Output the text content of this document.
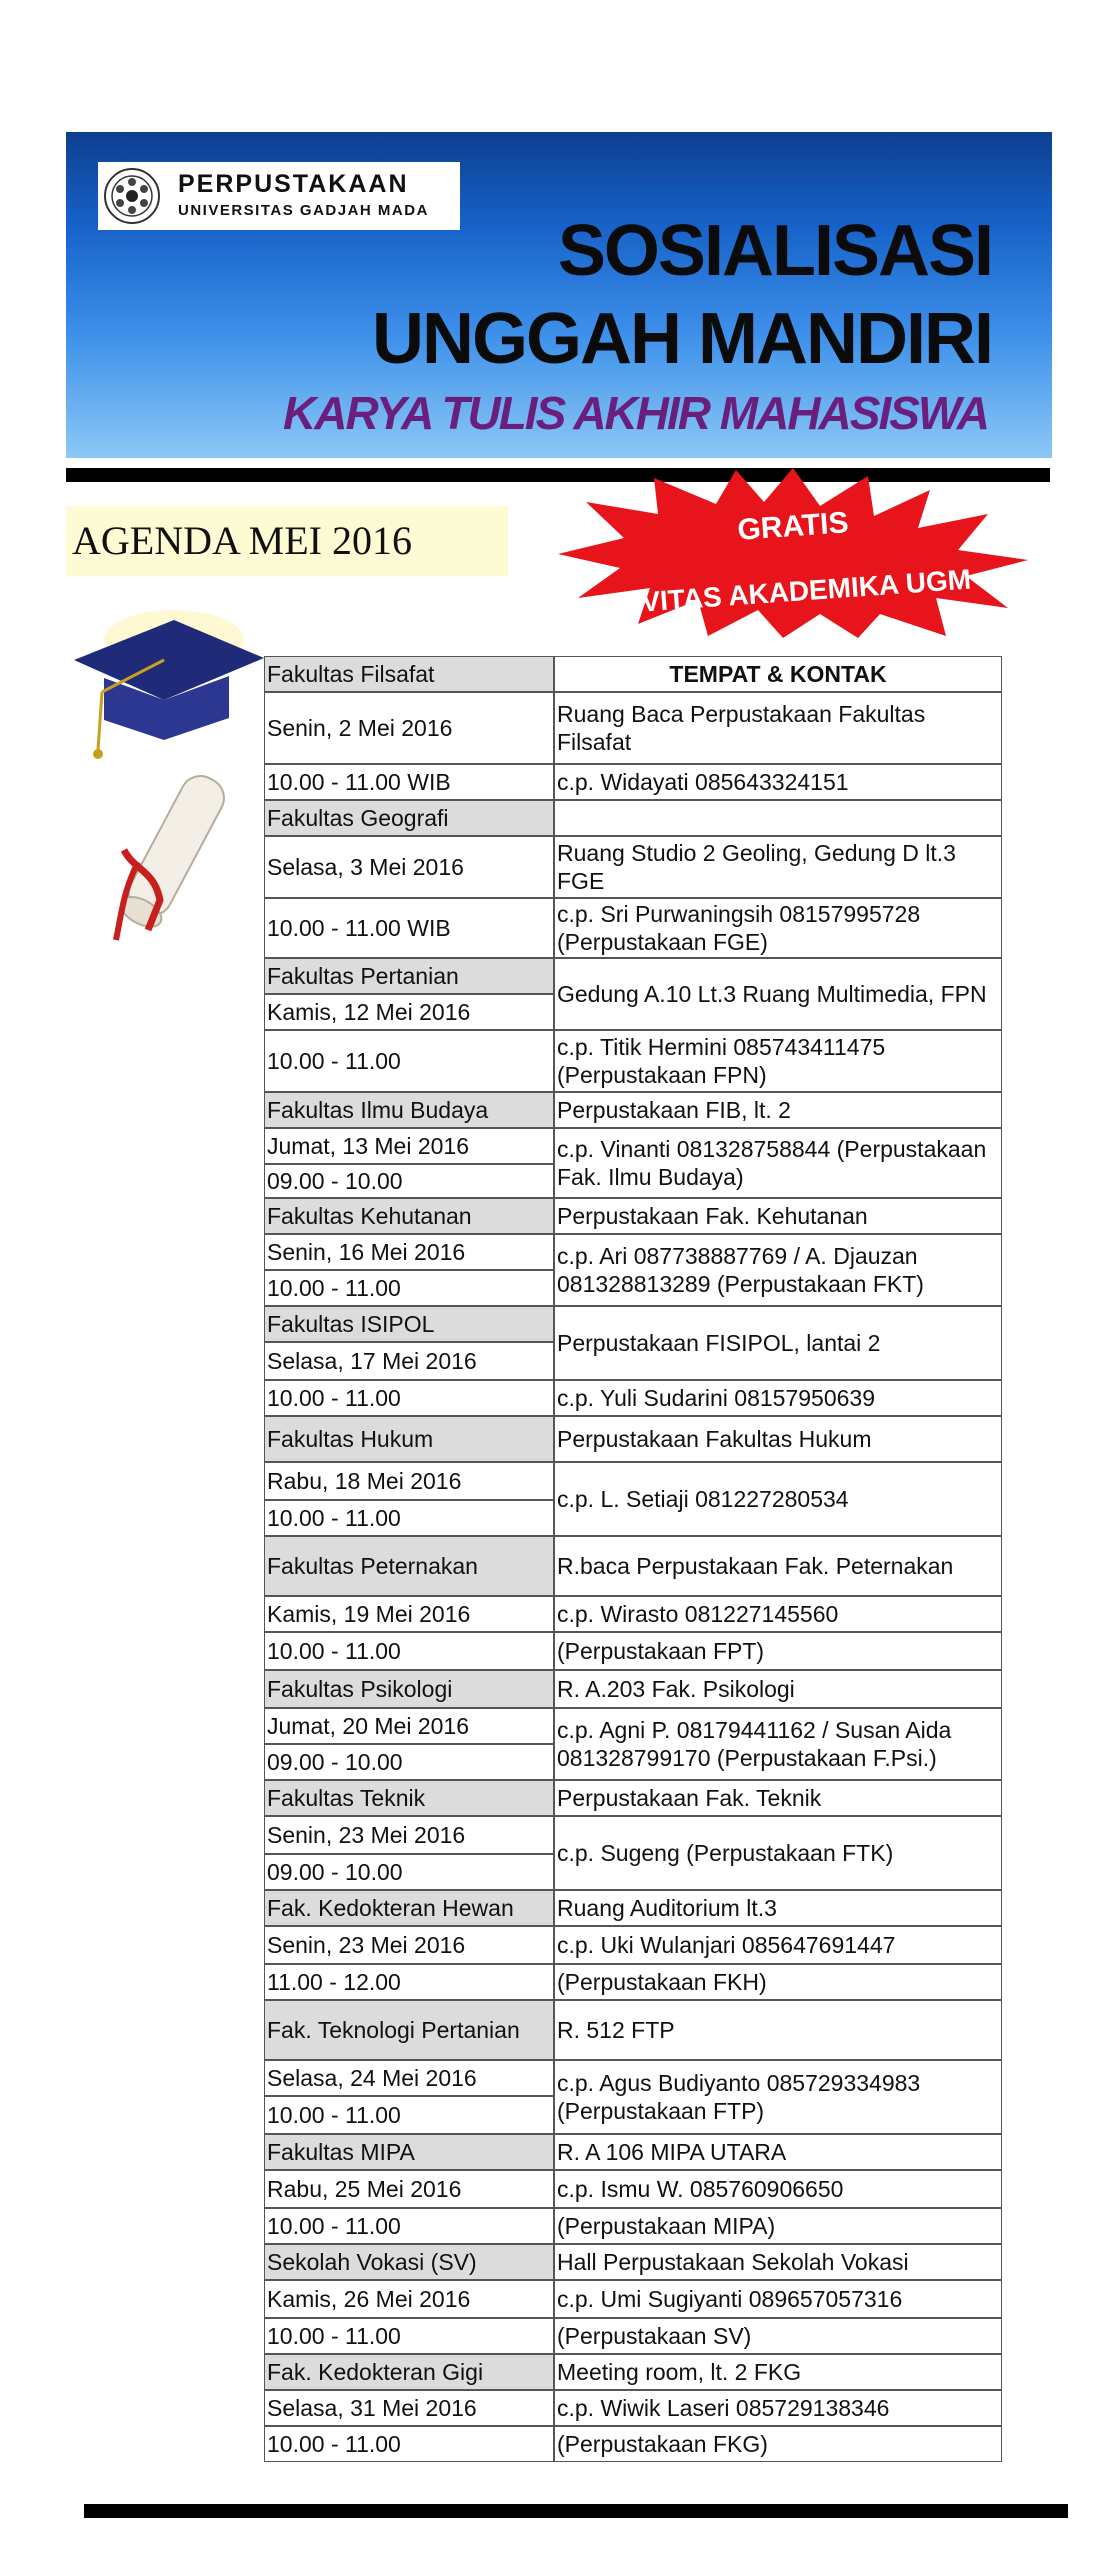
PERPUSTAKAAN
UNIVERSITAS GADJAH MADA
SOSIALISASI
UNGGAH MANDIRI
KARYA TULIS AKHIR MAHASISWA
AGENDA MEI 2016	GRATIS
SIVITAS AKADEMIKA UGM
Fakultas Filsafat
Senin, 2 Mei 2016
10.00 - 11.00 WIB
TEMPAT & KONTAK
Ruang Baca Perpustakaan Fakultas Filsafat
c.p. Widayati 085643324151
Fakultas Geografi
Selasa, 3 Mei 2016
10.00 - 11.00 WIB
Ruang Studio 2 Geoling, Gedung D lt.3 FGE
c.p. Sri Purwaningsih 08157995728 (Perpustakaan FGE)
Fakultas Pertanian
Kamis, 12 Mei 2016
10.00 - 11.00
Gedung A.10 Lt.3 Ruang Multimedia, FPN
c.p. Titik Hermini 085743411475 (Perpustakaan FPN)
Fakultas Ilmu Budaya
Jumat, 13 Mei 2016
09.00 - 10.00
Perpustakaan FIB, lt. 2
c.p. Vinanti 081328758844 (Perpustakaan Fak. Ilmu Budaya)
Fakultas Kehutanan
Senin, 16 Mei 2016
10.00 - 11.00
Perpustakaan Fak. Kehutanan
c.p. Ari 087738887769 / A. Djauzan 081328813289 (Perpustakaan FKT)
Fakultas ISIPOL
Selasa, 17 Mei 2016
10.00 - 11.00
Perpustakaan FISIPOL, lantai 2
c.p. Yuli Sudarini 08157950639
Fakultas Hukum
Rabu, 18 Mei 2016
10.00 - 11.00
Perpustakaan Fakultas Hukum
c.p. L. Setiaji 081227280534
Fakultas Peternakan
Kamis, 19 Mei 2016
10.00 - 11.00
R.baca Perpustakaan Fak. Peternakan
c.p. Wirasto 081227145560
(Perpustakaan FPT)
Fakultas Psikologi
Jumat, 20 Mei 2016
09.00 - 10.00
R. A.203 Fak. Psikologi
c.p. Agni P. 08179441162 / Susan Aida 081328799170 (Perpustakaan F.Psi.)
Fakultas Teknik
Senin, 23 Mei 2016
09.00 - 10.00
Perpustakaan Fak. Teknik
c.p. Sugeng (Perpustakaan FTK)
Fak. Kedokteran Hewan
Senin, 23 Mei 2016
11.00 - 12.00
Ruang Auditorium lt.3
c.p. Uki Wulanjari 085647691447
(Perpustakaan FKH)
Fak. Teknologi Pertanian
Selasa, 24 Mei 2016
10.00 - 11.00
R. 512 FTP
c.p. Agus Budiyanto 085729334983 (Perpustakaan FTP)
Fakultas MIPA
Rabu, 25 Mei 2016
10.00 - 11.00
R. A 106 MIPA UTARA
c.p. Ismu W. 085760906650
(Perpustakaan MIPA)
Sekolah Vokasi (SV)
Kamis, 26 Mei 2016
10.00 - 11.00
Hall Perpustakaan Sekolah Vokasi
c.p. Umi Sugiyanti 089657057316
(Perpustakaan SV)
Fak. Kedokteran Gigi
Selasa, 31 Mei 2016
10.00 - 11.00
Meeting room, lt. 2 FKG
c.p. Wiwik Laseri 085729138346
(Perpustakaan FKG)
